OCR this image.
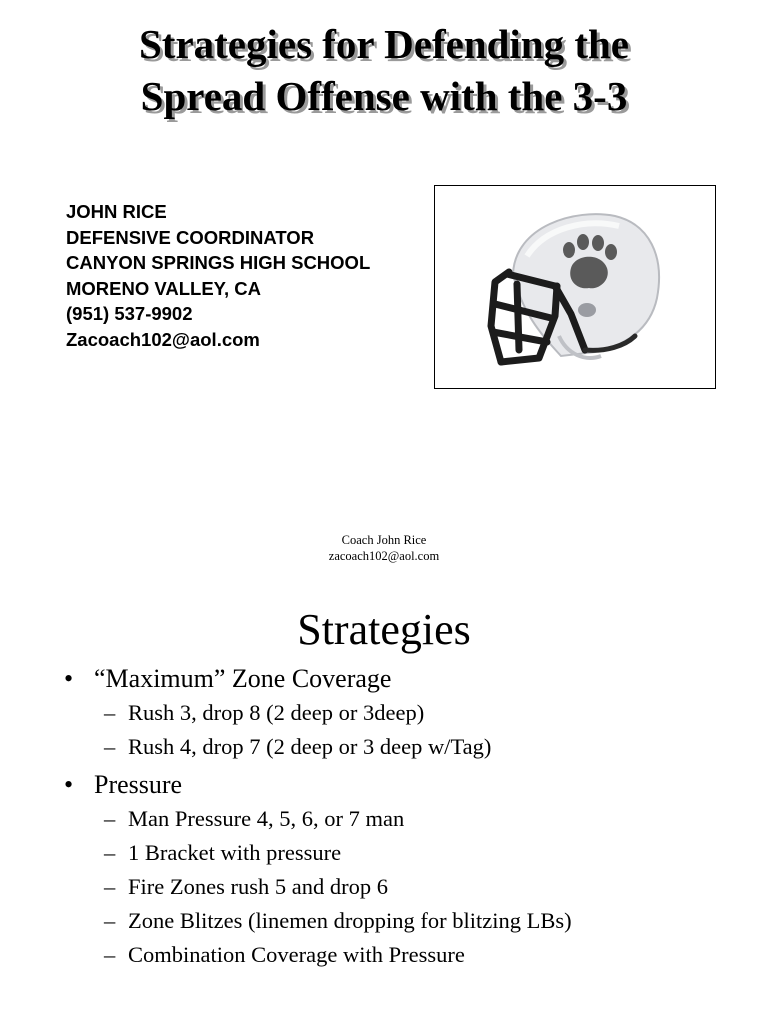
Strategies for Defending the
Spread Offense with the 3-3
JOHN RICE
DEFENSIVE COORDINATOR
CANYON SPRINGS HIGH SCHOOL
MORENO VALLEY, CA
(951) 537-9902
Zacoach102@aol.com
Coach John Rice
zacoach102@aol.com
Strategies
• “Maximum” Zone Coverage
– Rush 3, drop 8 (2 deep or 3deep)
– Rush 4, drop 7 (2 deep or 3 deep w/Tag)
• Pressure
– Man Pressure 4, 5, 6, or 7 man
– 1 Bracket with pressure
– Fire Zones rush 5 and drop 6
– Zone Blitzes (linemen dropping for blitzing LBs)
– Combination Coverage with Pressure
